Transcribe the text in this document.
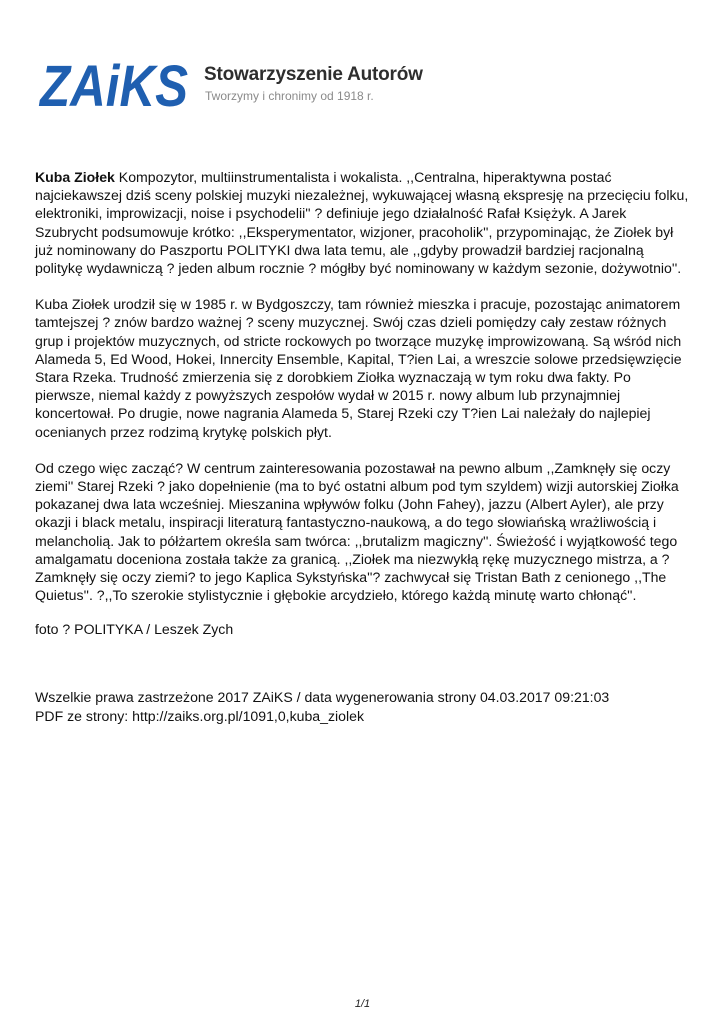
ZAiKS Stowarzyszenie Autorów
Tworzymy i chronimy od 1918 r.

Kuba Ziołek Kompozytor, multiinstrumentalista i wokalista. ,,Centralna, hiperaktywna postać najciekawszej dziś sceny polskiej muzyki niezależnej, wykuwającej własną ekspresję na przecięciu folku, elektroniki, improwizacji, noise i psychodelii'' ? definiuje jego działalność Rafał Księżyk. A Jarek Szubrycht podsumowuje krótko: ,,Eksperymentator, wizjoner, pracoholik'', przypominając, że Ziołek był już nominowany do Paszportu POLITYKI dwa lata temu, ale ,,gdyby prowadził bardziej racjonalną politykę wydawniczą ? jeden album rocznie ? mógłby być nominowany w każdym sezonie, dożywotnio''.

Kuba Ziołek urodził się w 1985 r. w Bydgoszczy, tam również mieszka i pracuje, pozostając animatorem tamtejszej ? znów bardzo ważnej ? sceny muzycznej. Swój czas dzieli pomiędzy cały zestaw różnych grup i projektów muzycznych, od stricte rockowych po tworzące muzykę improwizowaną. Są wśród nich Alameda 5, Ed Wood, Hokei, Innercity Ensemble, Kapital, T?ien Lai, a wreszcie solowe przedsięwzięcie Stara Rzeka. Trudność zmierzenia się z dorobkiem Ziołka wyznaczają w tym roku dwa fakty. Po pierwsze, niemal każdy z powyższych zespołów wydał w 2015 r. nowy album lub przynajmniej koncertował. Po drugie, nowe nagrania Alameda 5, Starej Rzeki czy T?ien Lai należały do najlepiej ocenianych przez rodzimą krytykę polskich płyt.

Od czego więc zacząć? W centrum zainteresowania pozostawał na pewno album ,,Zamknęły się oczy ziemi'' Starej Rzeki ? jako dopełnienie (ma to być ostatni album pod tym szyldem) wizji autorskiej Ziołka pokazanej dwa lata wcześniej. Mieszanina wpływów folku (John Fahey), jazzu (Albert Ayler), ale przy okazji i black metalu, inspiracji literaturą fantastyczno-naukową, a do tego słowiańską wrażliwością i melancholią. Jak to półżartem określa sam twórca: ,,brutalizm magiczny''. Świeżość i wyjątkowość tego amalgamatu doceniona została także za granicą. ,,Ziołek ma niezwykłą rękę muzycznego mistrza, a ?Zamknęły się oczy ziemi? to jego Kaplica Sykstyńska''? zachwycał się Tristan Bath z cenionego ,,The Quietus''. ?,,To szerokie stylistycznie i głębokie arcydzieło, którego każdą minutę warto chłonąć''.

foto ? POLITYKA / Leszek Zych
Wszelkie prawa zastrzeżone 2017 ZAiKS / data wygenerowania strony 04.03.2017 09:21:03
PDF ze strony: http://zaiks.org.pl/1091,0,kuba_ziolek
1/1
